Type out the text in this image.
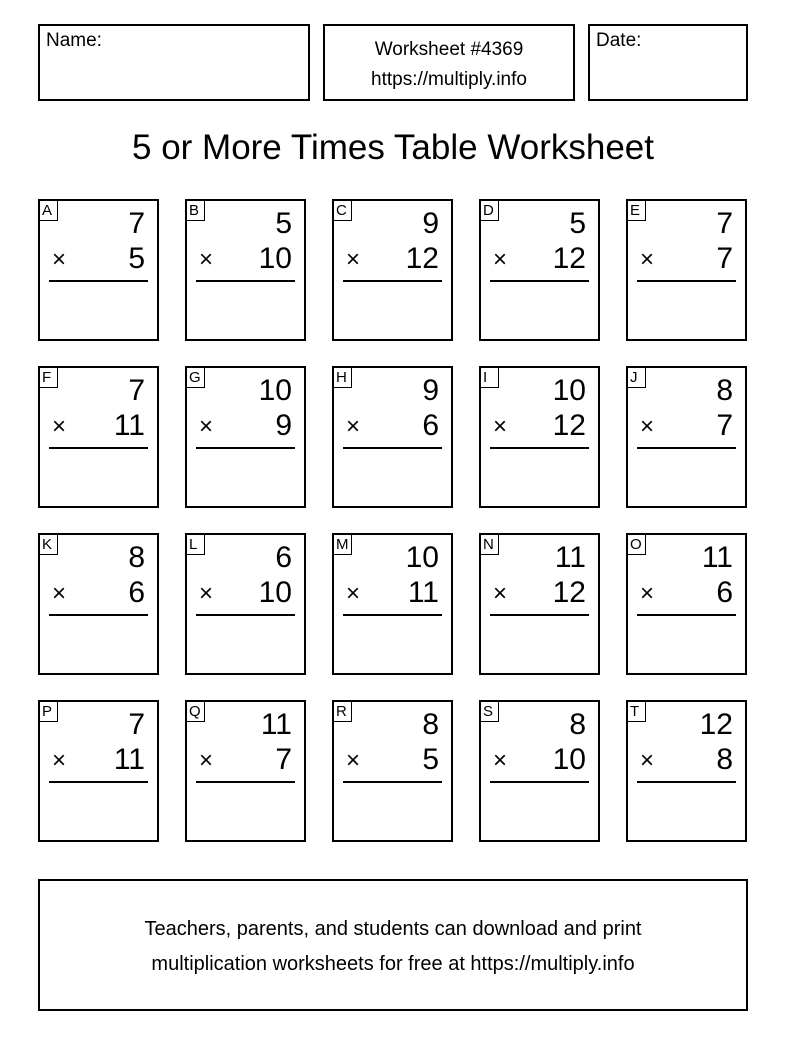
Name:	Worksheet #4369
https://multiply.info
Date:
5 or More Times Table Worksheet
A	7
× 5
B	5
× 10
C	9
× 12
D	5
× 12
E	7
× 7
F	7
× 11
G 10
× 9
H	9
× 6
I	10
× 12
J	8
× 7
K	8
× 6
L	6
× 10
M 10
× 11
N 11
× 12
O 11
× 6
P	7
× 11
Q 11
× 7
R	8
× 5
S	8
× 10
T 12
× 8
Teachers, parents, and students can download and print
multiplication worksheets for free at https://multiply.info
